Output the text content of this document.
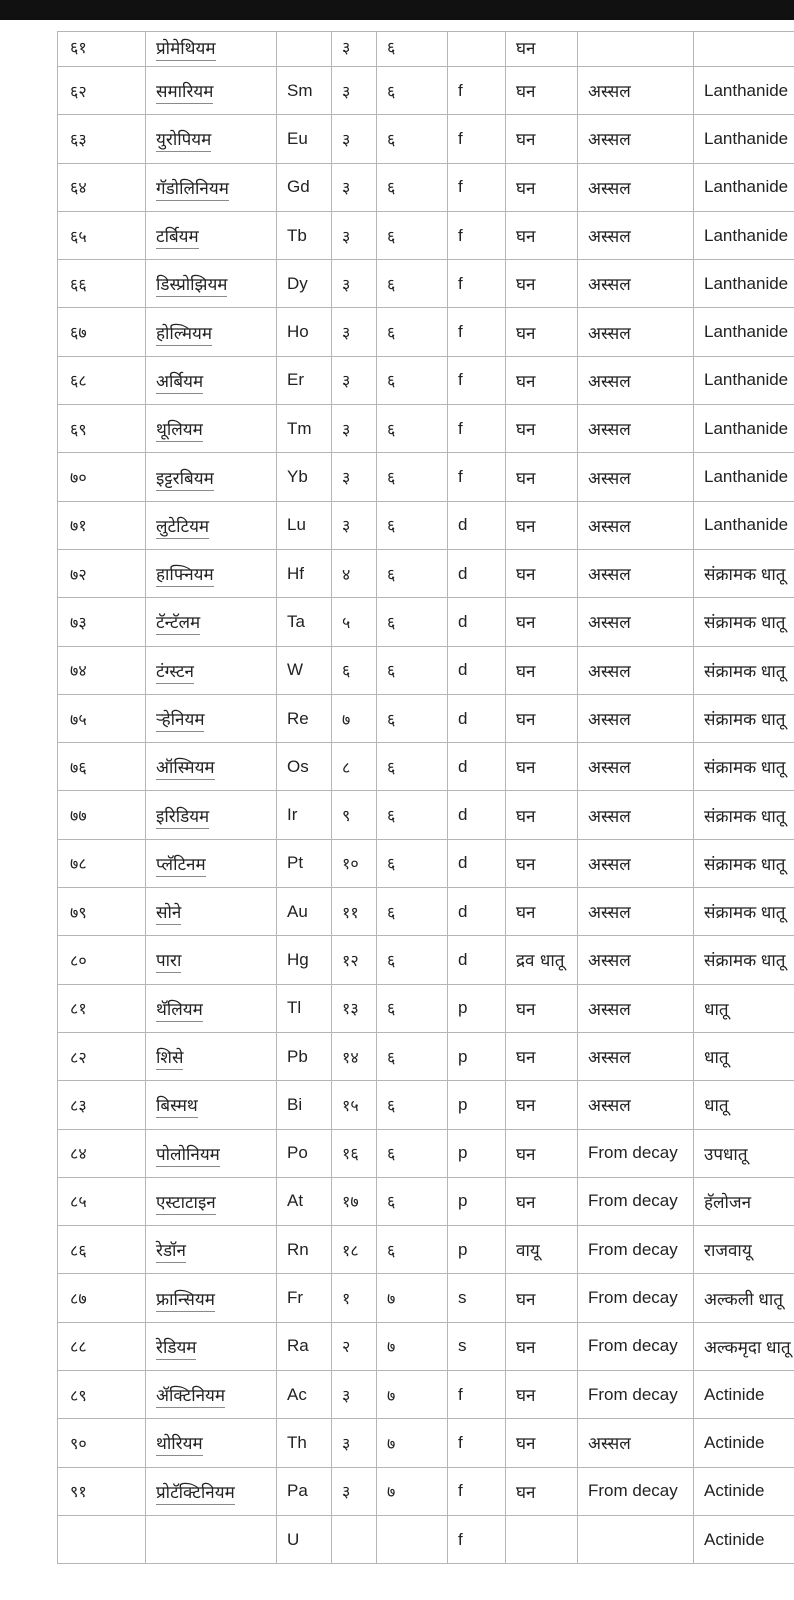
६१	प्रोमेथियम		३	६		घन		
६२	समारियम	Sm	३	६	f	घन	अस्सल	Lanthanide
६३	युरोपियम	Eu	३	६	f	घन	अस्सल	Lanthanide
६४	गॅडोलिनियम	Gd	३	६	f	घन	अस्सल	Lanthanide
६५	टर्बियम	Tb	३	६	f	घन	अस्सल	Lanthanide
६६	डिस्प्रोझियम	Dy	३	६	f	घन	अस्सल	Lanthanide
६७	होल्मियम	Ho	३	६	f	घन	अस्सल	Lanthanide
६८	अर्बियम	Er	३	६	f	घन	अस्सल	Lanthanide
६९	थूलियम	Tm	३	६	f	घन	अस्सल	Lanthanide
७०	इट्टरबियम	Yb	३	६	f	घन	अस्सल	Lanthanide
७१	लुटेटियम	Lu	३	६	d	घन	अस्सल	Lanthanide
७२	हाफ्नियम	Hf	४	६	d	घन	अस्सल	संक्रामक धातू
७३	टॅन्टॅलम	Ta	५	६	d	घन	अस्सल	संक्रामक धातू
७४	टंग्स्टन	W	६	६	d	घन	अस्सल	संक्रामक धातू
७५	ऱ्हेनियम	Re	७	६	d	घन	अस्सल	संक्रामक धातू
७६	ऑस्मियम	Os	८	६	d	घन	अस्सल	संक्रामक धातू
७७	इरिडियम	Ir	९	६	d	घन	अस्सल	संक्रामक धातू
७८	प्लॅटिनम	Pt	१०	६	d	घन	अस्सल	संक्रामक धातू
७९	सोने	Au	११	६	d	घन	अस्सल	संक्रामक धातू
८०	पारा	Hg	१२	६	d	द्रव धातू	अस्सल	संक्रामक धातू
८१	थॅलियम	Tl	१३	६	p	घन	अस्सल	धातू
८२	शिसे	Pb	१४	६	p	घन	अस्सल	धातू
८३	बिस्मथ	Bi	१५	६	p	घन	अस्सल	धातू
८४	पोलोनियम	Po	१६	६	p	घन	From decay	उपधातू
८५	एस्टाटाइन	At	१७	६	p	घन	From decay	हॅलोजन
८६	रेडॉन	Rn	१८	६	p	वायू	From decay	राजवायू
८७	फ्रान्सियम	Fr	१	७	s	घन	From decay	अल्कली धातू
८८	रेडियम	Ra	२	७	s	घन	From decay	अल्कमृदा धातू
८९	ॲक्टिनियम	Ac	३	७	f	घन	From decay	Actinide
९०	थोरियम	Th	३	७	f	घन	अस्सल	Actinide
९१	प्रोटॅक्टिनियम	Pa	३	७	f	घन	From decay	Actinide
		U			f			Actinide
